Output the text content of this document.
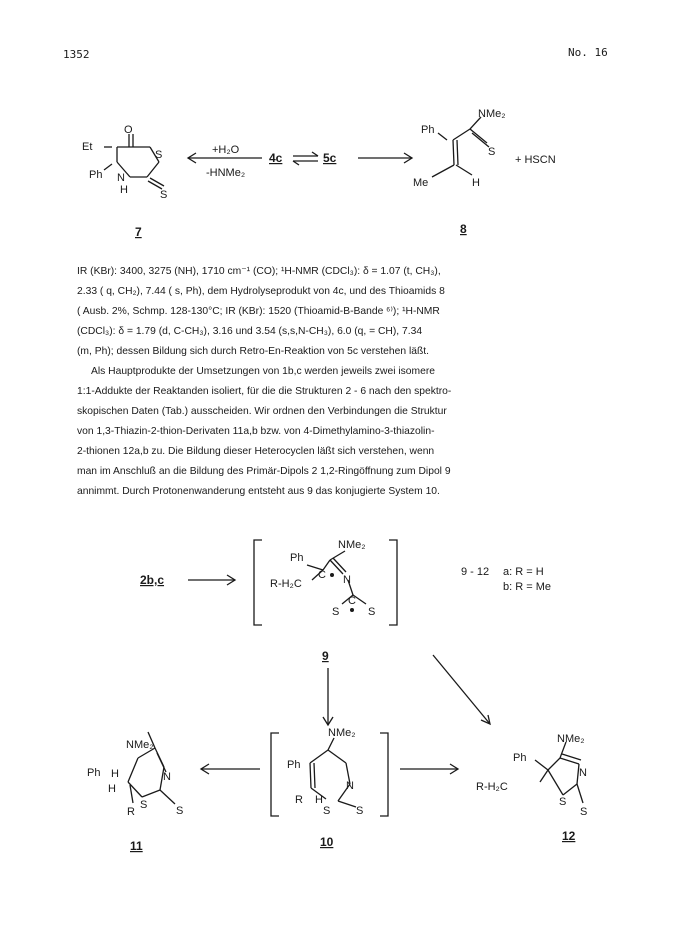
1352	No. 16
O
S
Et
Ph N
H	S
7
+H₂O
-HNMe₂
4c	5c
NMe₂
Ph
S
Me	H
8
+ HSCN

IR (KBr): 3400, 3275 (NH), 1710 cm⁻¹ (CO); ¹H-NMR (CDCl₃): δ = 1.07 (t, CH₃),

2.33 ( q, CH₂), 7.44 ( s, Ph), dem Hydrolyseprodukt von 4c, und des Thioamids 8

( Ausb. 2%, Schmp. 128-130°C; IR (KBr): 1520 (Thioamid-B-Bande ⁶⁾); ¹H-NMR

(CDCl₃): δ = 1.79 (d, C-CH₃), 3.16 und 3.54 (s,s,N-CH₃), 6.0 (q, = CH), 7.34

(m, Ph); dessen Bildung sich durch Retro-En-Reaktion von 5c verstehen läßt.

Als Hauptprodukte der Umsetzungen von 1b,c werden jeweils zwei isomere

1:1-Addukte der Reaktanden isoliert, für die die Strukturen 2 - 6 nach den spektro-

skopischen Daten (Tab.) ausscheiden. Wir ordnen den Verbindungen die Struktur

von 1,3-Thiazin-2-thion-Derivaten 11a,b bzw. von 4-Dimethylamino-3-thiazolin-

2-thionen 12a,b zu. Die Bildung dieser Heterocyclen läßt sich verstehen, wenn

man im Anschluß an die Bildung des Primär-Dipols 2 1,2-Ringöffnung zum Dipol 9

annimmt. Durch Protonenwanderung entsteht aus 9 das konjugierte System 10.

2b,c
NMe₂
Ph
C
R-H₂C	N
S
C
S
9
9 - 12 a: R = H
b: R = Me
NMe₂
Ph
N
R H
S S
10
NMe₂
Ph H
H
N
S
R	S
11
NMe₂
Ph
R-H₂C
N
S
S
12
